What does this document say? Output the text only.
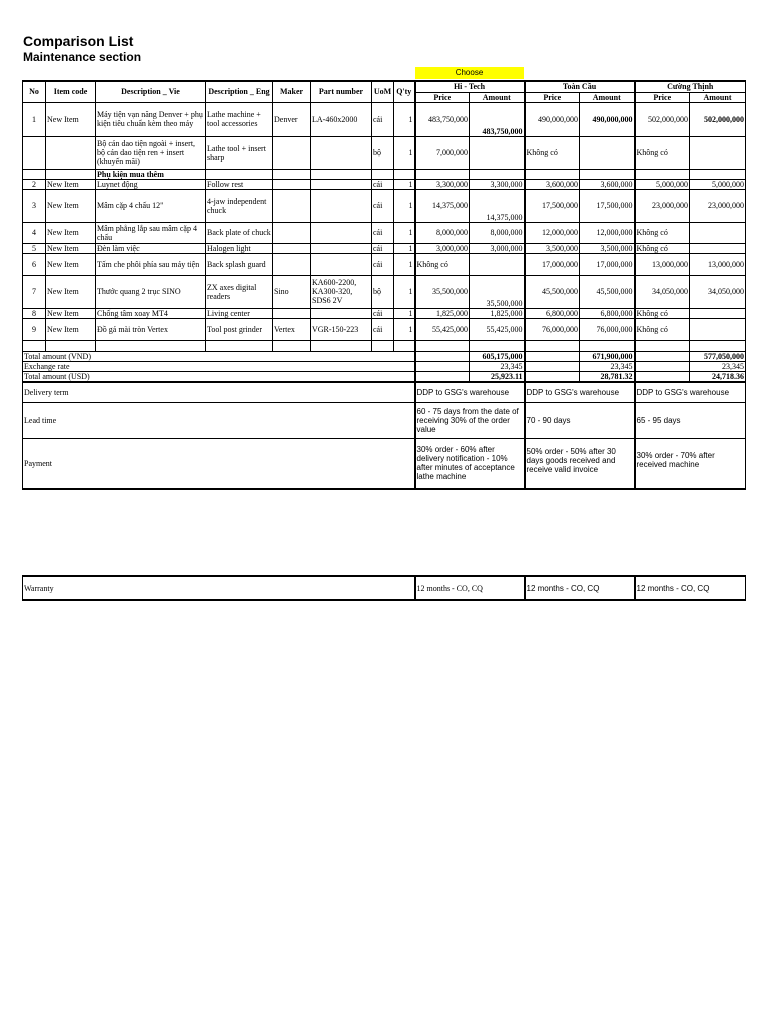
Comparison List
Maintenance section
Choose
No	Item code	Description _ Vie	Description _ Eng	Maker	Part number	UoM	Q'ty	Hi - Tech		Toàn Cầu		Cường Thịnh	
								Price	Amount	Price	Amount	Price	Amount
1	New Item	Máy tiện vạn năng Denver + phụ kiện tiêu chuẩn kèm theo máy	Lathe machine + tool accessories	Denver	LA-460x2000	cái	1	483,750,000	483,750,000	490,000,000	490,000,000	502,000,000	502,000,000
		Bộ cán dao tiện ngoài + insert, bộ cán dao tiện ren + insert (khuyến mãi)	Lathe tool + insert sharp			bộ	1	7,000,000		Không có		Không có	
		Phụ kiện mua thêm											
2	New Item	Luynet động	Follow rest			cái	1	3,300,000	3,300,000	3,600,000	3,600,000	5,000,000	5,000,000
3	New Item	Mâm cặp 4 chấu 12"	4-jaw independent chuck			cái	1	14,375,000	14,375,000	17,500,000	17,500,000	23,000,000	23,000,000
4	New Item	Mâm phẳng lắp sau mâm cặp 4 chấu	Back plate of chuck			cái	1	8,000,000	8,000,000	12,000,000	12,000,000	Không có	
5	New Item	Đèn làm việc	Halogen light			cái	1	3,000,000	3,000,000	3,500,000	3,500,000	Không có	
6	New Item	Tấm che phôi phía sau máy tiện	Back splash guard			cái	1	Không có		17,000,000	17,000,000	13,000,000	13,000,000
7	New Item	Thước quang 2 trục SINO	ZX axes digital readers	Sino	KA600-2200, KA300-320, SDS6 2V	bộ	1	35,500,000	35,500,000	45,500,000	45,500,000	34,050,000	34,050,000
8	New Item	Chống tâm xoay MT4	Living center			cái	1	1,825,000	1,825,000	6,800,000	6,800,000	Không có	
9	New Item	Đồ gá mài tròn Vertex	Tool post grinder	Vertex	VGR-150-223	cái	1	55,425,000	55,425,000	76,000,000	76,000,000	Không có	

Total amount (VND)									605,175,000		671,900,000		577,050,000
Exchange rate									23,345		23,345		23,345
Total amount (USD)									25,923.11		28,781.32		24,718.36
Delivery term								DDP to GSG's warehouse		DDP to GSG's warehouse		DDP to GSG's warehouse	
Lead time								60 - 75 days from the date of receiving 30% of the order value		70 - 90 days		65 - 95 days	
Payment								30% order - 60% after delivery notification - 10% after minutes of acceptance lathe machine		50% order - 50% after 30 days goods received and receive valid invoice		30% order - 70% after received machine	
Warranty	12 months - CO, CQ	12 months - CO, CQ	12 months - CO, CQ
